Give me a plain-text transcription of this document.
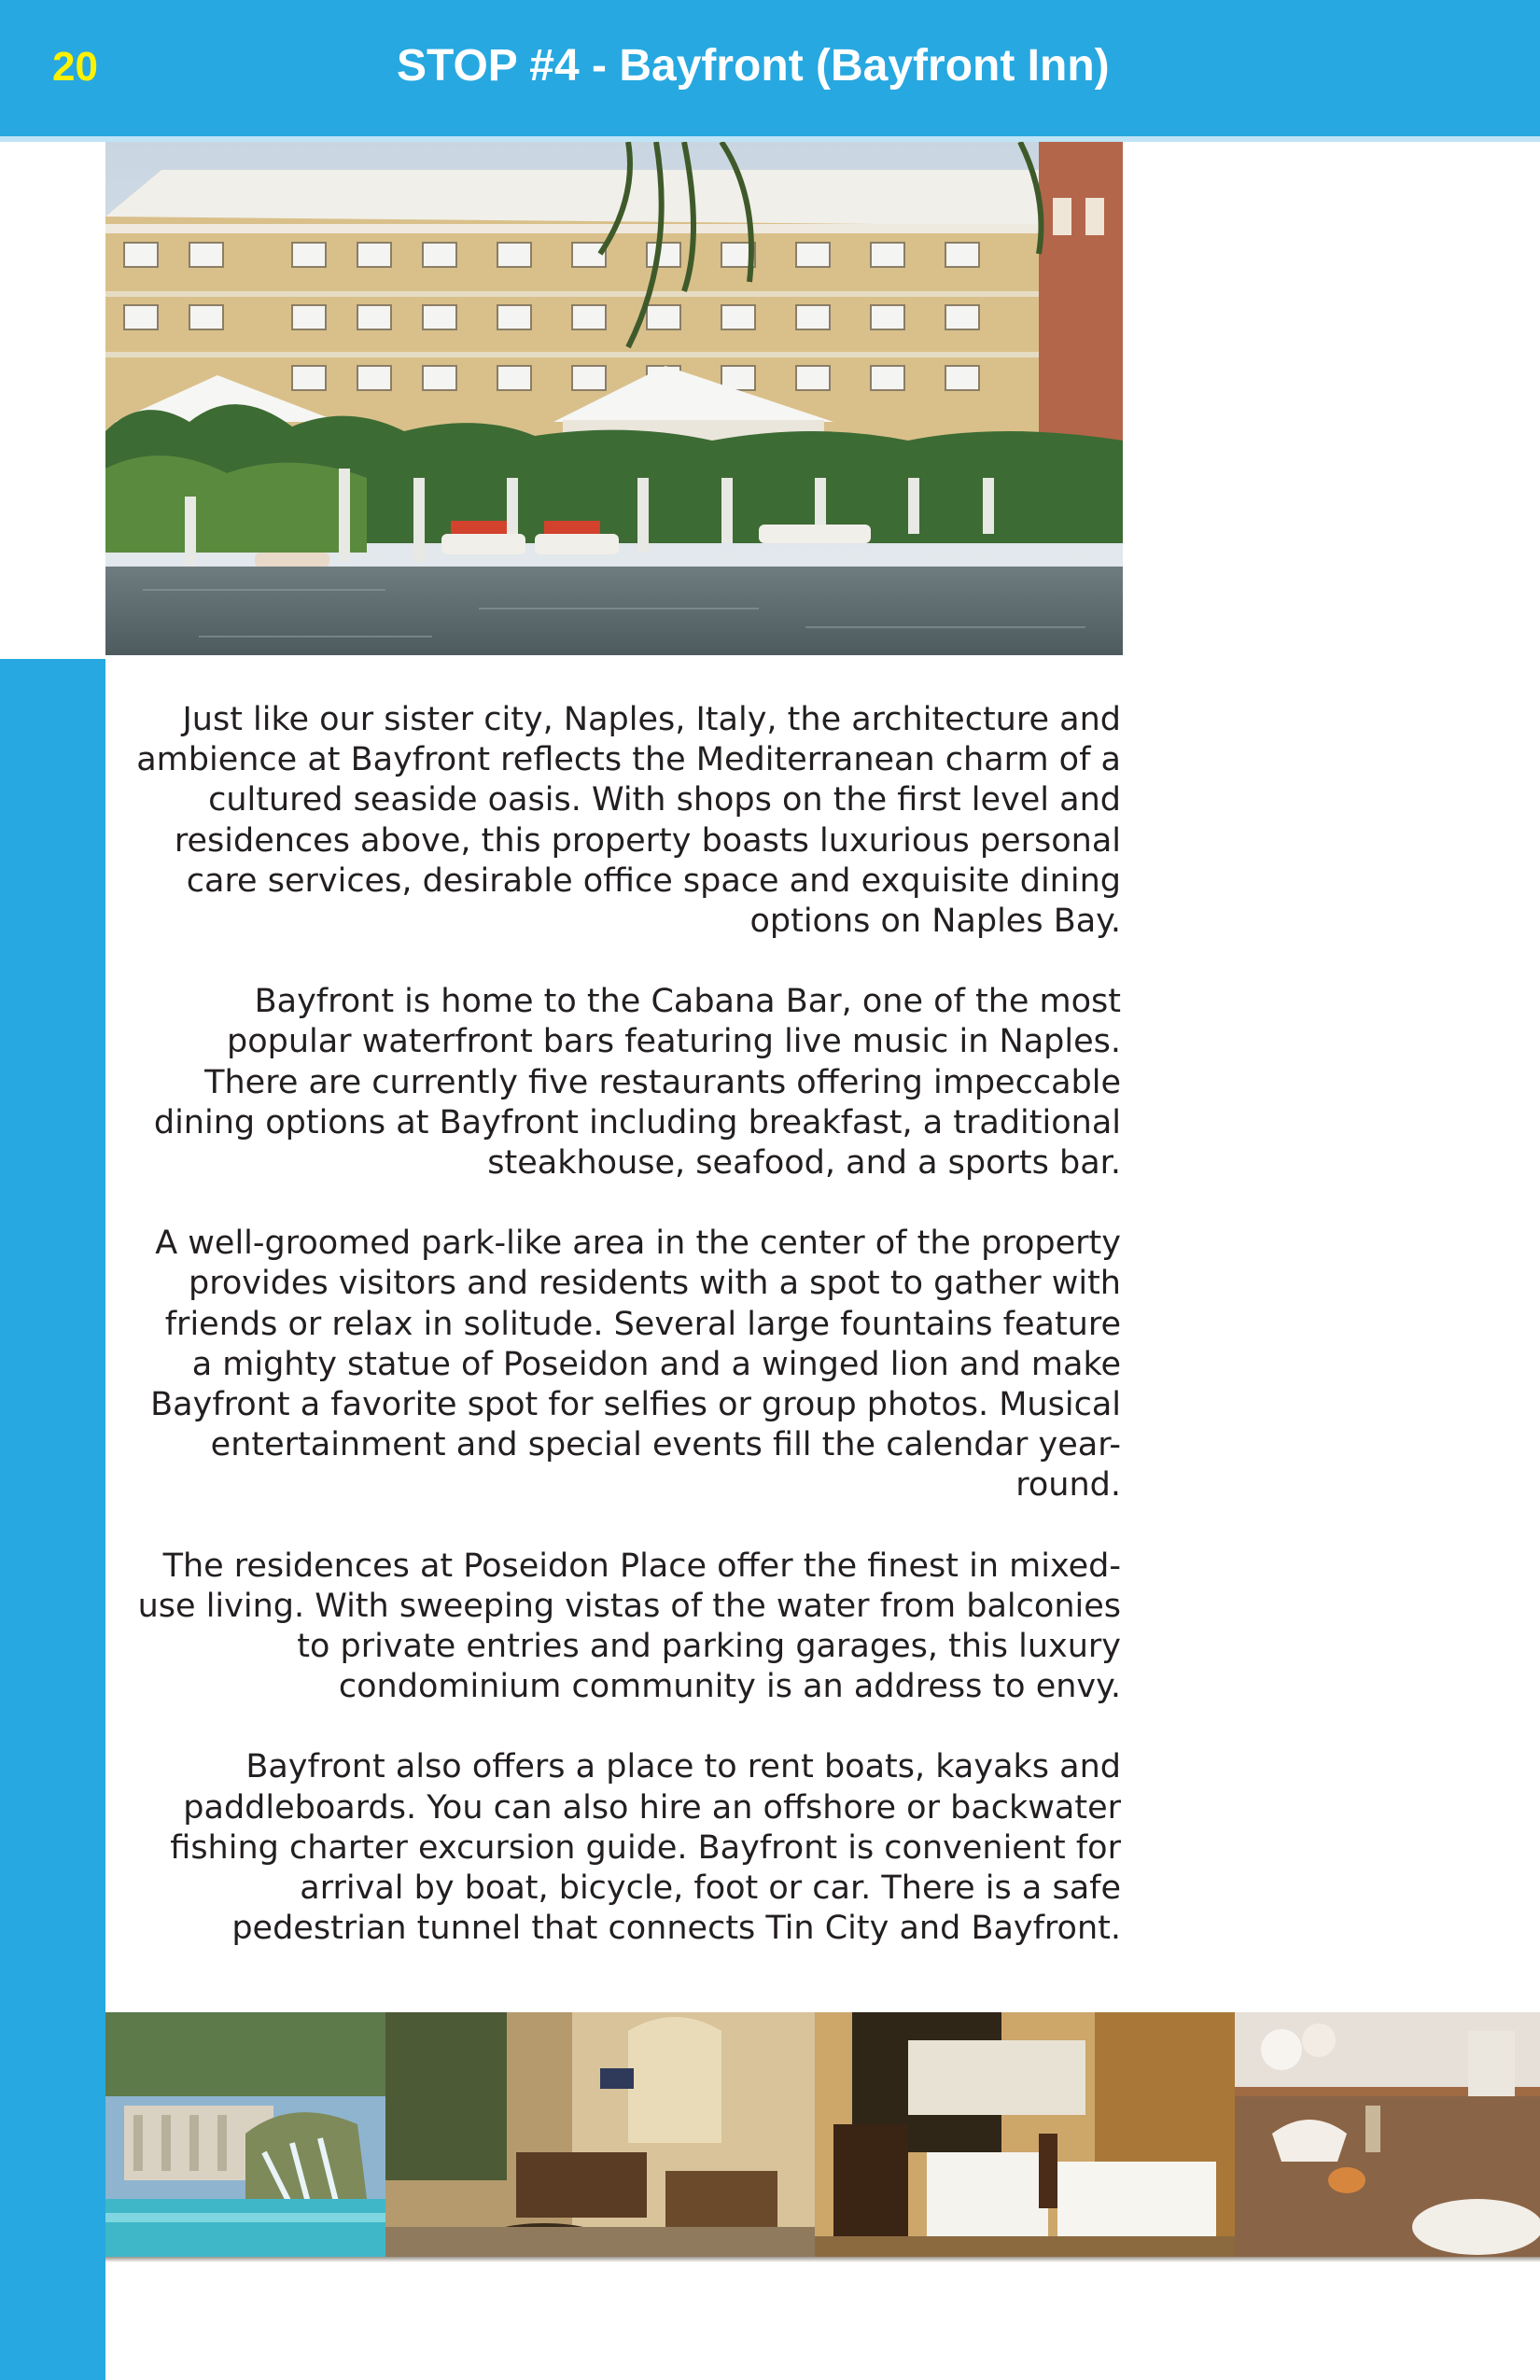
20	STOP #4 - Bayfront (Bayfront Inn)

Just like our sister city, Naples, Italy, the architecture and ambience at Bayfront reflects the Mediterranean charm of a cultured seaside oasis. With shops on the first level and residences above, this property boasts luxurious personal care services, desirable office space and exquisite dining options on Naples Bay.

Bayfront is home to the Cabana Bar, one of the most popular waterfront bars featuring live music in Naples. There are currently five restaurants offering impeccable dining options at Bayfront including breakfast, a traditional steakhouse, seafood, and a sports bar.

A well-groomed park-like area in the center of the property provides visitors and residents with a spot to gather with friends or relax in solitude. Several large fountains feature a mighty statue of Poseidon and a winged lion and make Bayfront a favorite spot for selfies or group photos. Musical entertainment and special events fill the calendar year-round.

The residences at Poseidon Place offer the finest in mixed-use living. With sweeping vistas of the water from balconies to private entries and parking garages, this luxury condominium community is an address to envy.

Bayfront also offers a place to rent boats, kayaks and paddleboards. You can also hire an offshore or backwater fishing charter excursion guide. Bayfront is convenient for arrival by boat, bicycle, foot or car. There is a safe pedestrian tunnel that connects Tin City and Bayfront.
